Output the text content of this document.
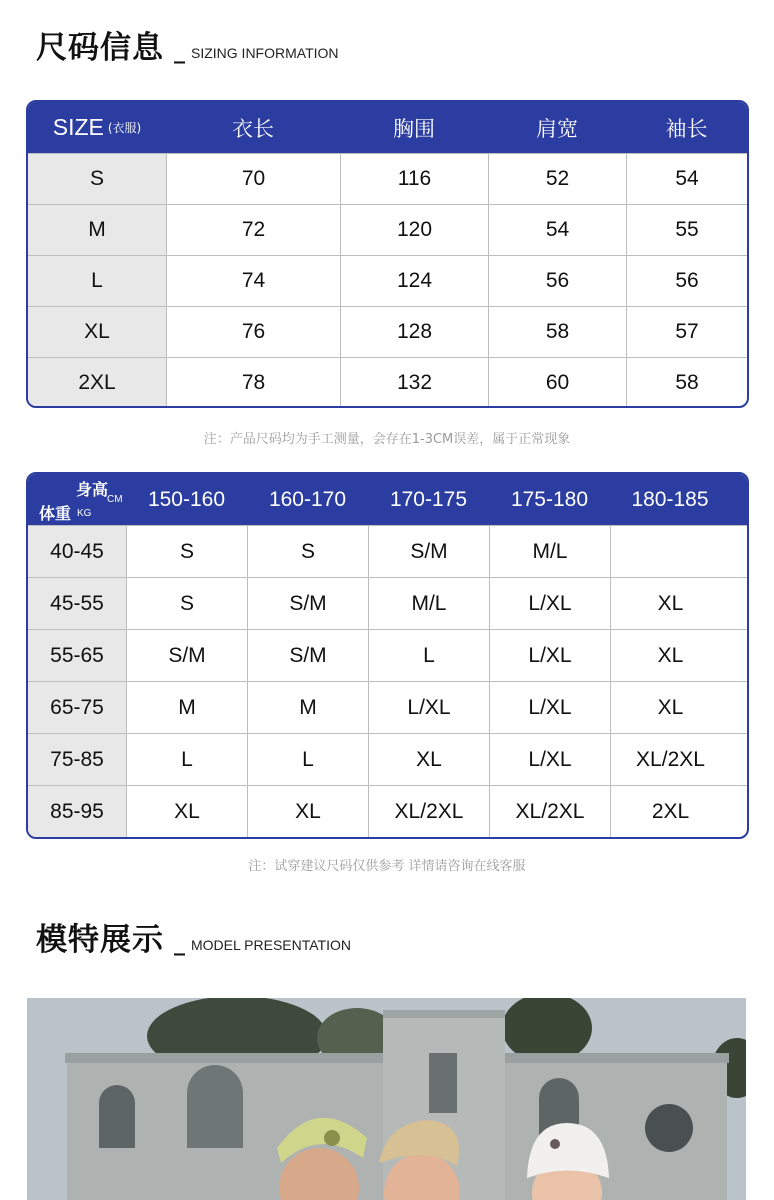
尺码信息 _ SIZING INFORMATION
SIZE (衣服)	衣长	胸围	肩宽	袖长
S	70	116	52	54
M	72	120	54	55
L	74	124	56	56
XL	76	128	58	57
2XL	78	132	60	58
注：产品尺码均为手工测量，会存在1-3CM误差，属于正常现象
身高
CM
体重 KG
150-160	160-170	170-175	175-180	180-185
40-45	S	S	S/M	M/L
45-55	S	S/M	M/L	L/XL	XL
55-65	S/M	S/M	L	L/XL	XL
65-75	M	M	L/XL	L/XL	XL
75-85	L	L	XL	L/XL	XL/2XL
85-95	XL	XL	XL/2XL	XL/2XL	2XL
注：试穿建议尺码仅供参考 详情请咨询在线客服
模特展示 _ MODEL PRESENTATION
